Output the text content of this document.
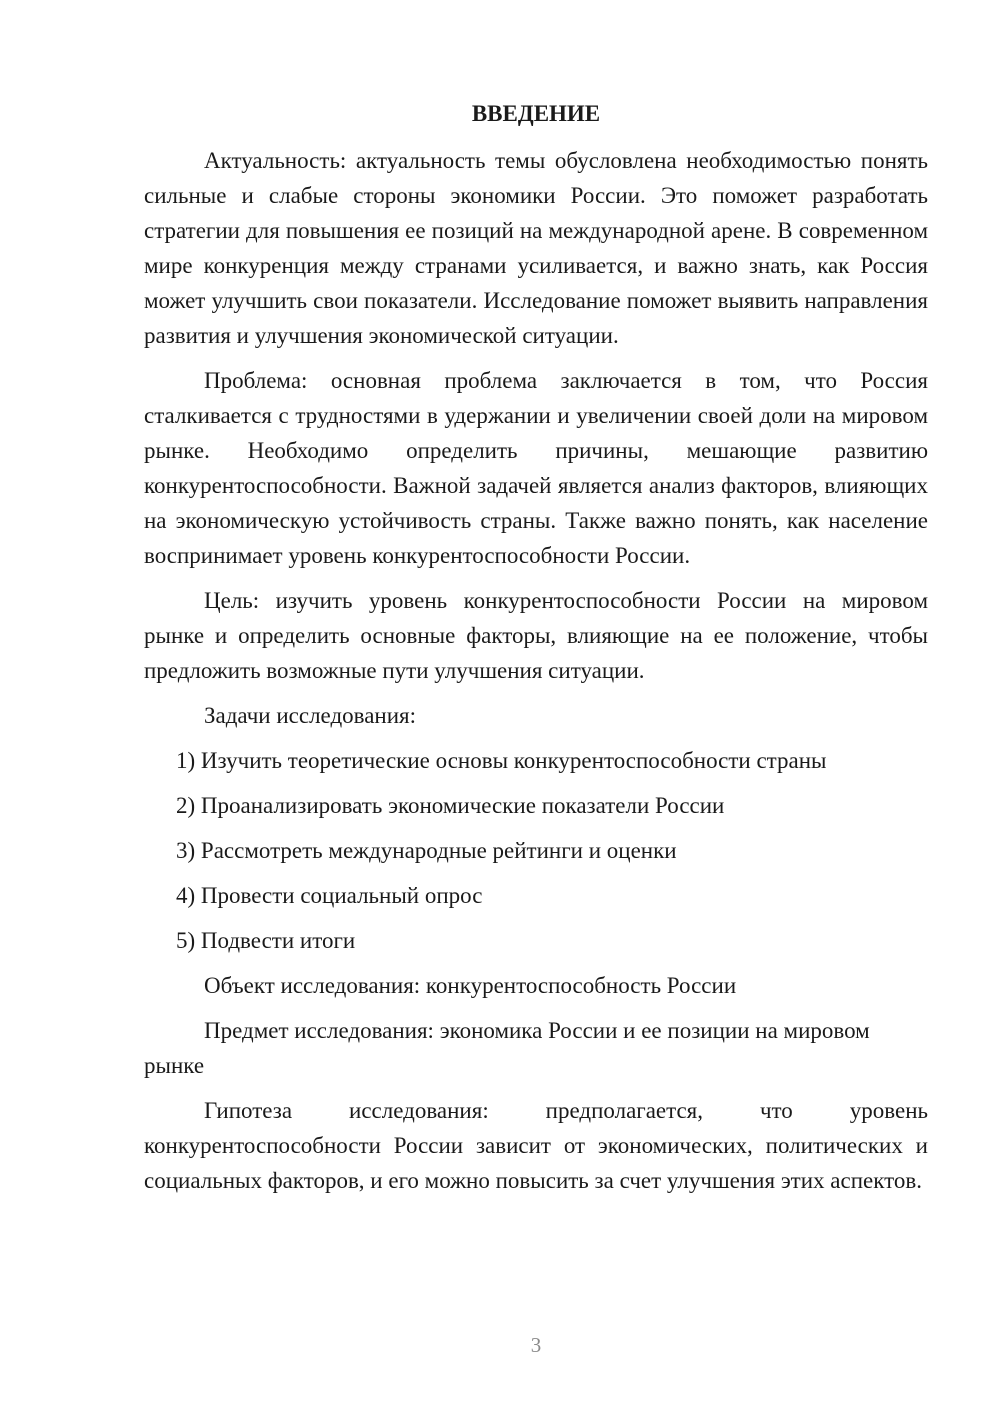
ВВЕДЕНИЕ

Актуальность: актуальность темы обусловлена необходимостью понять сильные и слабые стороны экономики России. Это поможет разработать стратегии для повышения ее позиций на международной арене. В современном мире конкуренция между странами усиливается, и важно знать, как Россия может улучшить свои показатели. Исследование поможет выявить направления развития и улучшения экономической ситуации.

Проблема: основная проблема заключается в том, что Россия сталкивается с трудностями в удержании и увеличении своей доли на мировом рынке. Необходимо определить причины, мешающие развитию конкурентоспособности. Важной задачей является анализ факторов, влияющих на экономическую устойчивость страны. Также важно понять, как население воспринимает уровень конкурентоспособности России.

Цель: изучить уровень конкурентоспособности России на мировом рынке и определить основные факторы, влияющие на ее положение, чтобы предложить возможные пути улучшения ситуации.

Задачи исследования:

1) Изучить теоретические основы конкурентоспособности страны
2) Проанализировать экономические показатели России
3) Рассмотреть международные рейтинги и оценки
4) Провести социальный опрос
5) Подвести итоги

Объект исследования: конкурентоспособность России

Предмет исследования: экономика России и ее позиции на мировом рынке

Гипотеза исследования: предполагается, что уровень конкурентоспособности России зависит от экономических, политических и социальных факторов, и его можно повысить за счет улучшения этих аспектов.

3
